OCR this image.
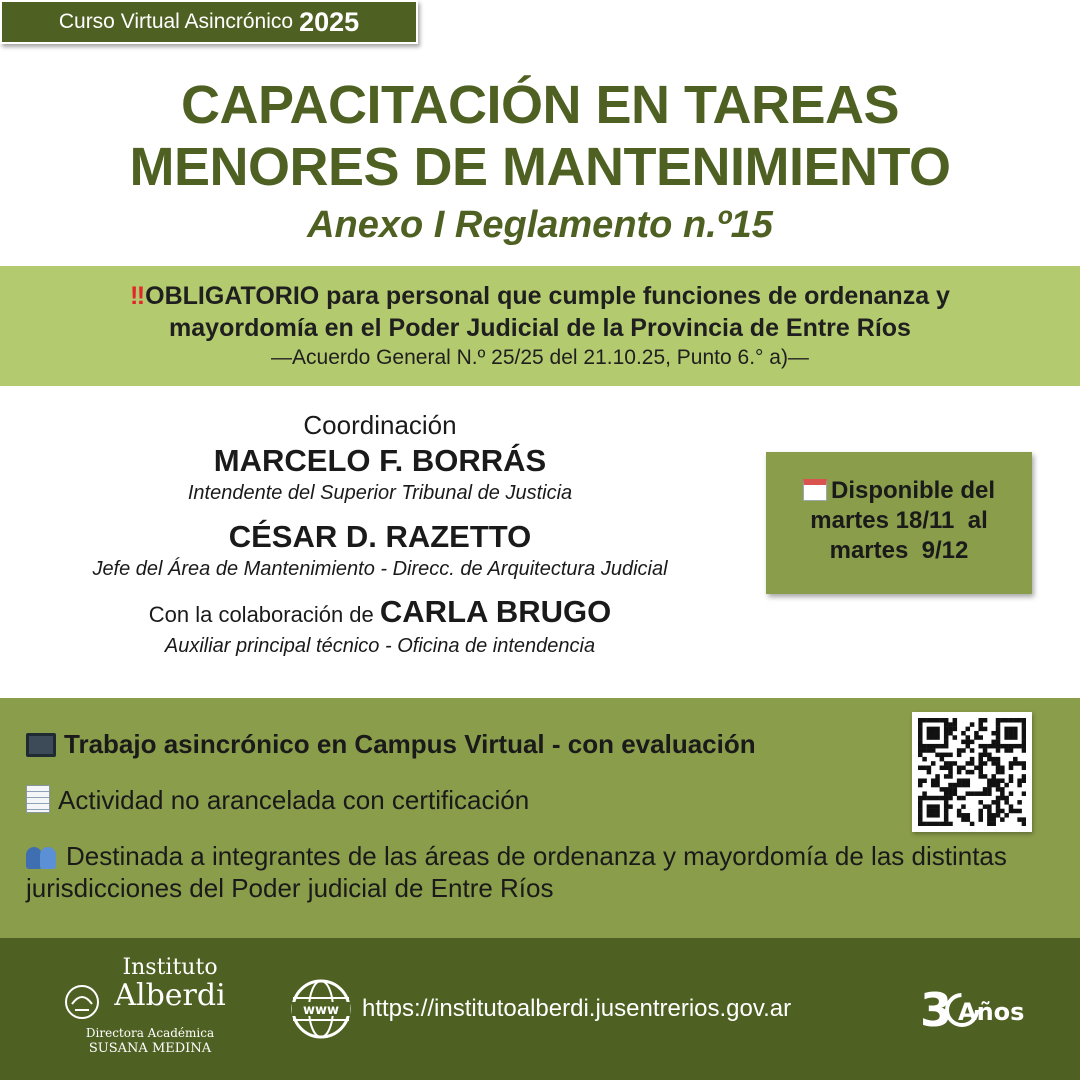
Curso Virtual Asincrónico 2025
CAPACITACIÓN EN TAREAS
MENORES DE MANTENIMIENTO
Anexo I Reglamento n.º15
‼OBLIGATORIO para personal que cumple funciones de ordenanza y
mayordomía en el Poder Judicial de la Provincia de Entre Ríos
—Acuerdo General N.º 25/25 del 21.10.25, Punto 6.° a)—
Coordinación
MARCELO F. BORRÁS
Intendente del Superior Tribunal de Justicia
CÉSAR D. RAZETTO
Jefe del Área de Mantenimiento - Direcc. de Arquitectura Judicial
Con la colaboración de CARLA BRUGO
Auxiliar principal técnico - Oficina de intendencia
Disponible del
martes 18/11  al
martes  9/12
Trabajo asincrónico en Campus Virtual - con evaluación
Actividad no arancelada con certificación
Destinada a integrantes de las áreas de ordenanza y mayordomía de las distintas jurisdicciones del Poder judicial de Entre Ríos
Instituto
Alberdi
Directora Académica
SUSANA MEDINA
www https://institutoalberdi.jusentrerios.gov.ar	3 Años
